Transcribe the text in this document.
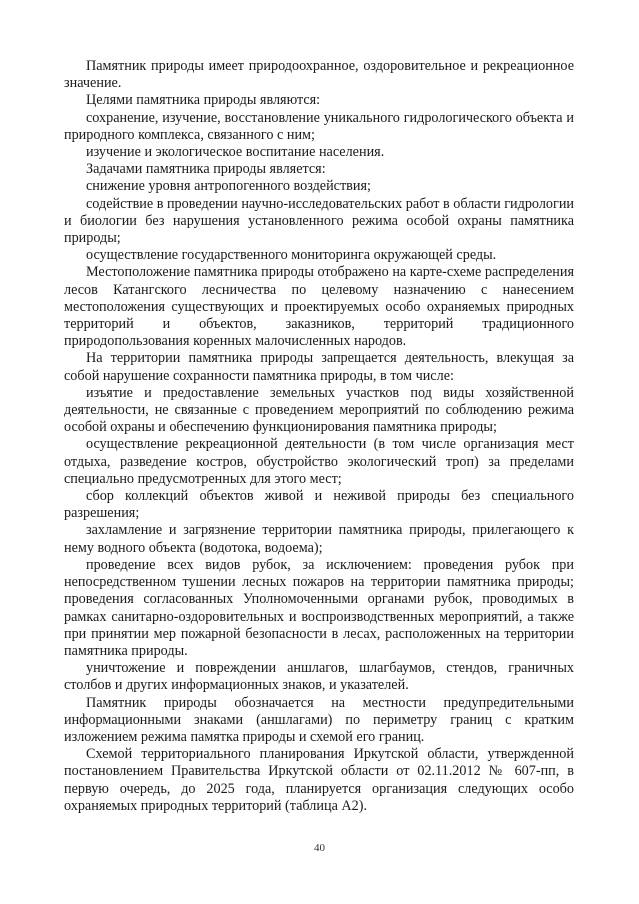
Памятник природы имеет природоохранное, оздоровительное и рекреационное значение.

Целями памятника природы являются:

сохранение, изучение, восстановление уникального гидрологического объекта и природного комплекса, связанного с ним;

изучение и экологическое воспитание населения.

Задачами памятника природы является:

снижение уровня антропогенного воздействия;

содействие в проведении научно-исследовательских работ в области гидрологии и биологии без нарушения установленного режима особой охраны памятника природы;

осуществление государственного мониторинга окружающей среды.

Местоположение памятника природы отображено на карте-схеме распределения лесов Катангского лесничества по целевому назначению с нанесением местоположения существующих и проектируемых особо охраняемых природных территорий и объектов, заказников, территорий традиционного природопользования коренных малочисленных народов.

На территории памятника природы запрещается деятельность, влекущая за собой нарушение сохранности памятника природы, в том числе:

изъятие и предоставление земельных участков под виды хозяйственной деятельности, не связанные с проведением мероприятий по соблюдению режима особой охраны и обеспечению функционирования памятника природы;

осуществление рекреационной деятельности (в том числе организация мест отдыха, разведение костров, обустройство экологический троп) за пределами специально предусмотренных для этого мест;

сбор коллекций объектов живой и неживой природы без специального разрешения;

захламление и загрязнение территории памятника природы, прилегающего к нему водного объекта (водотока, водоема);

проведение всех видов рубок, за исключением: проведения рубок при непосредственном тушении лесных пожаров на территории памятника природы; проведения согласованных Уполномоченными органами рубок, проводимых в рамках санитарно-оздоровительных и воспроизводственных мероприятий, а также при принятии мер пожарной безопасности в лесах, расположенных на территории памятника природы.

уничтожение и повреждении аншлагов, шлагбаумов, стендов, граничных столбов и других информационных знаков, и указателей.

Памятник природы обозначается на местности предупредительными информационными знаками (аншлагами) по периметру границ с кратким изложением режима памятка природы и схемой его границ.

Схемой территориального планирования Иркутской области, утвержденной постановлением Правительства Иркутской области от 02.11.2012 № 607-пп, в первую очередь, до 2025 года, планируется организация следующих особо охраняемых природных территорий (таблица А2).

40
